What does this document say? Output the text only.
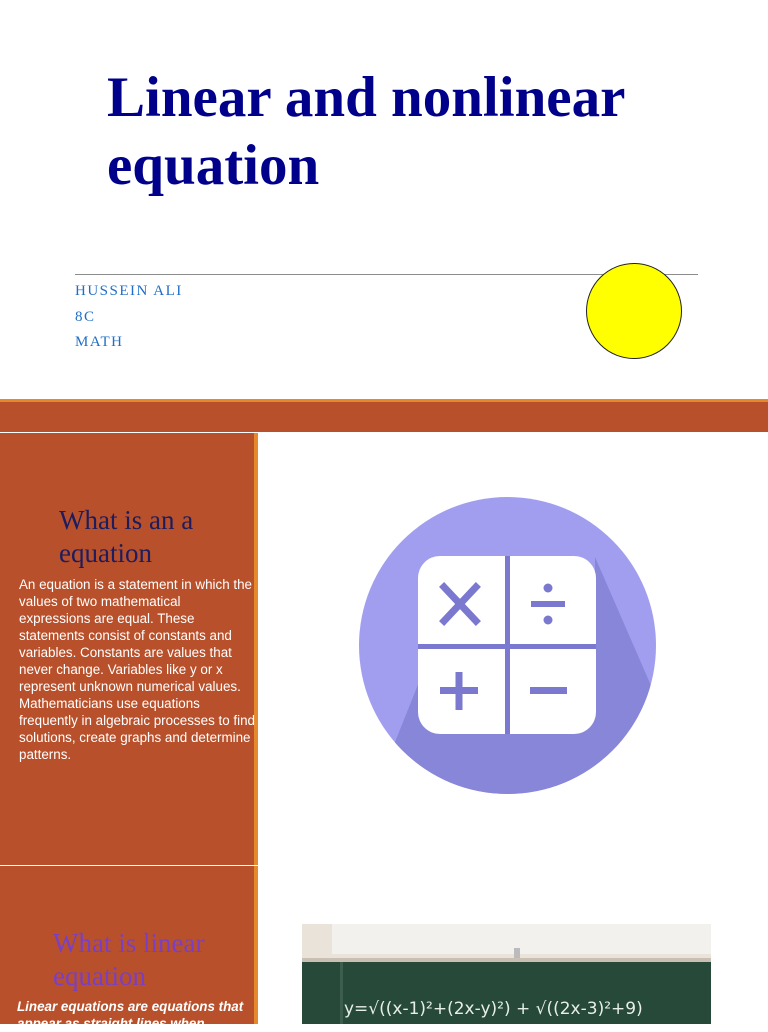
Linear and nonlinear equation
HUSSEIN ALI
8C
MATH
What is an a equation
An equation is a statement in which the values of two mathematical expressions are equal. These statements consist of constants and variables. Constants are values that never change. Variables like y or x represent unknown numerical values. Mathematicians use equations frequently in algebraic processes to find solutions, create graphs and determine patterns.
What is linear equation
Linear equations are equations that appear as straight lines when
y=√((x-1)²+(2x-y)²) + √((2x-3)²+9)
